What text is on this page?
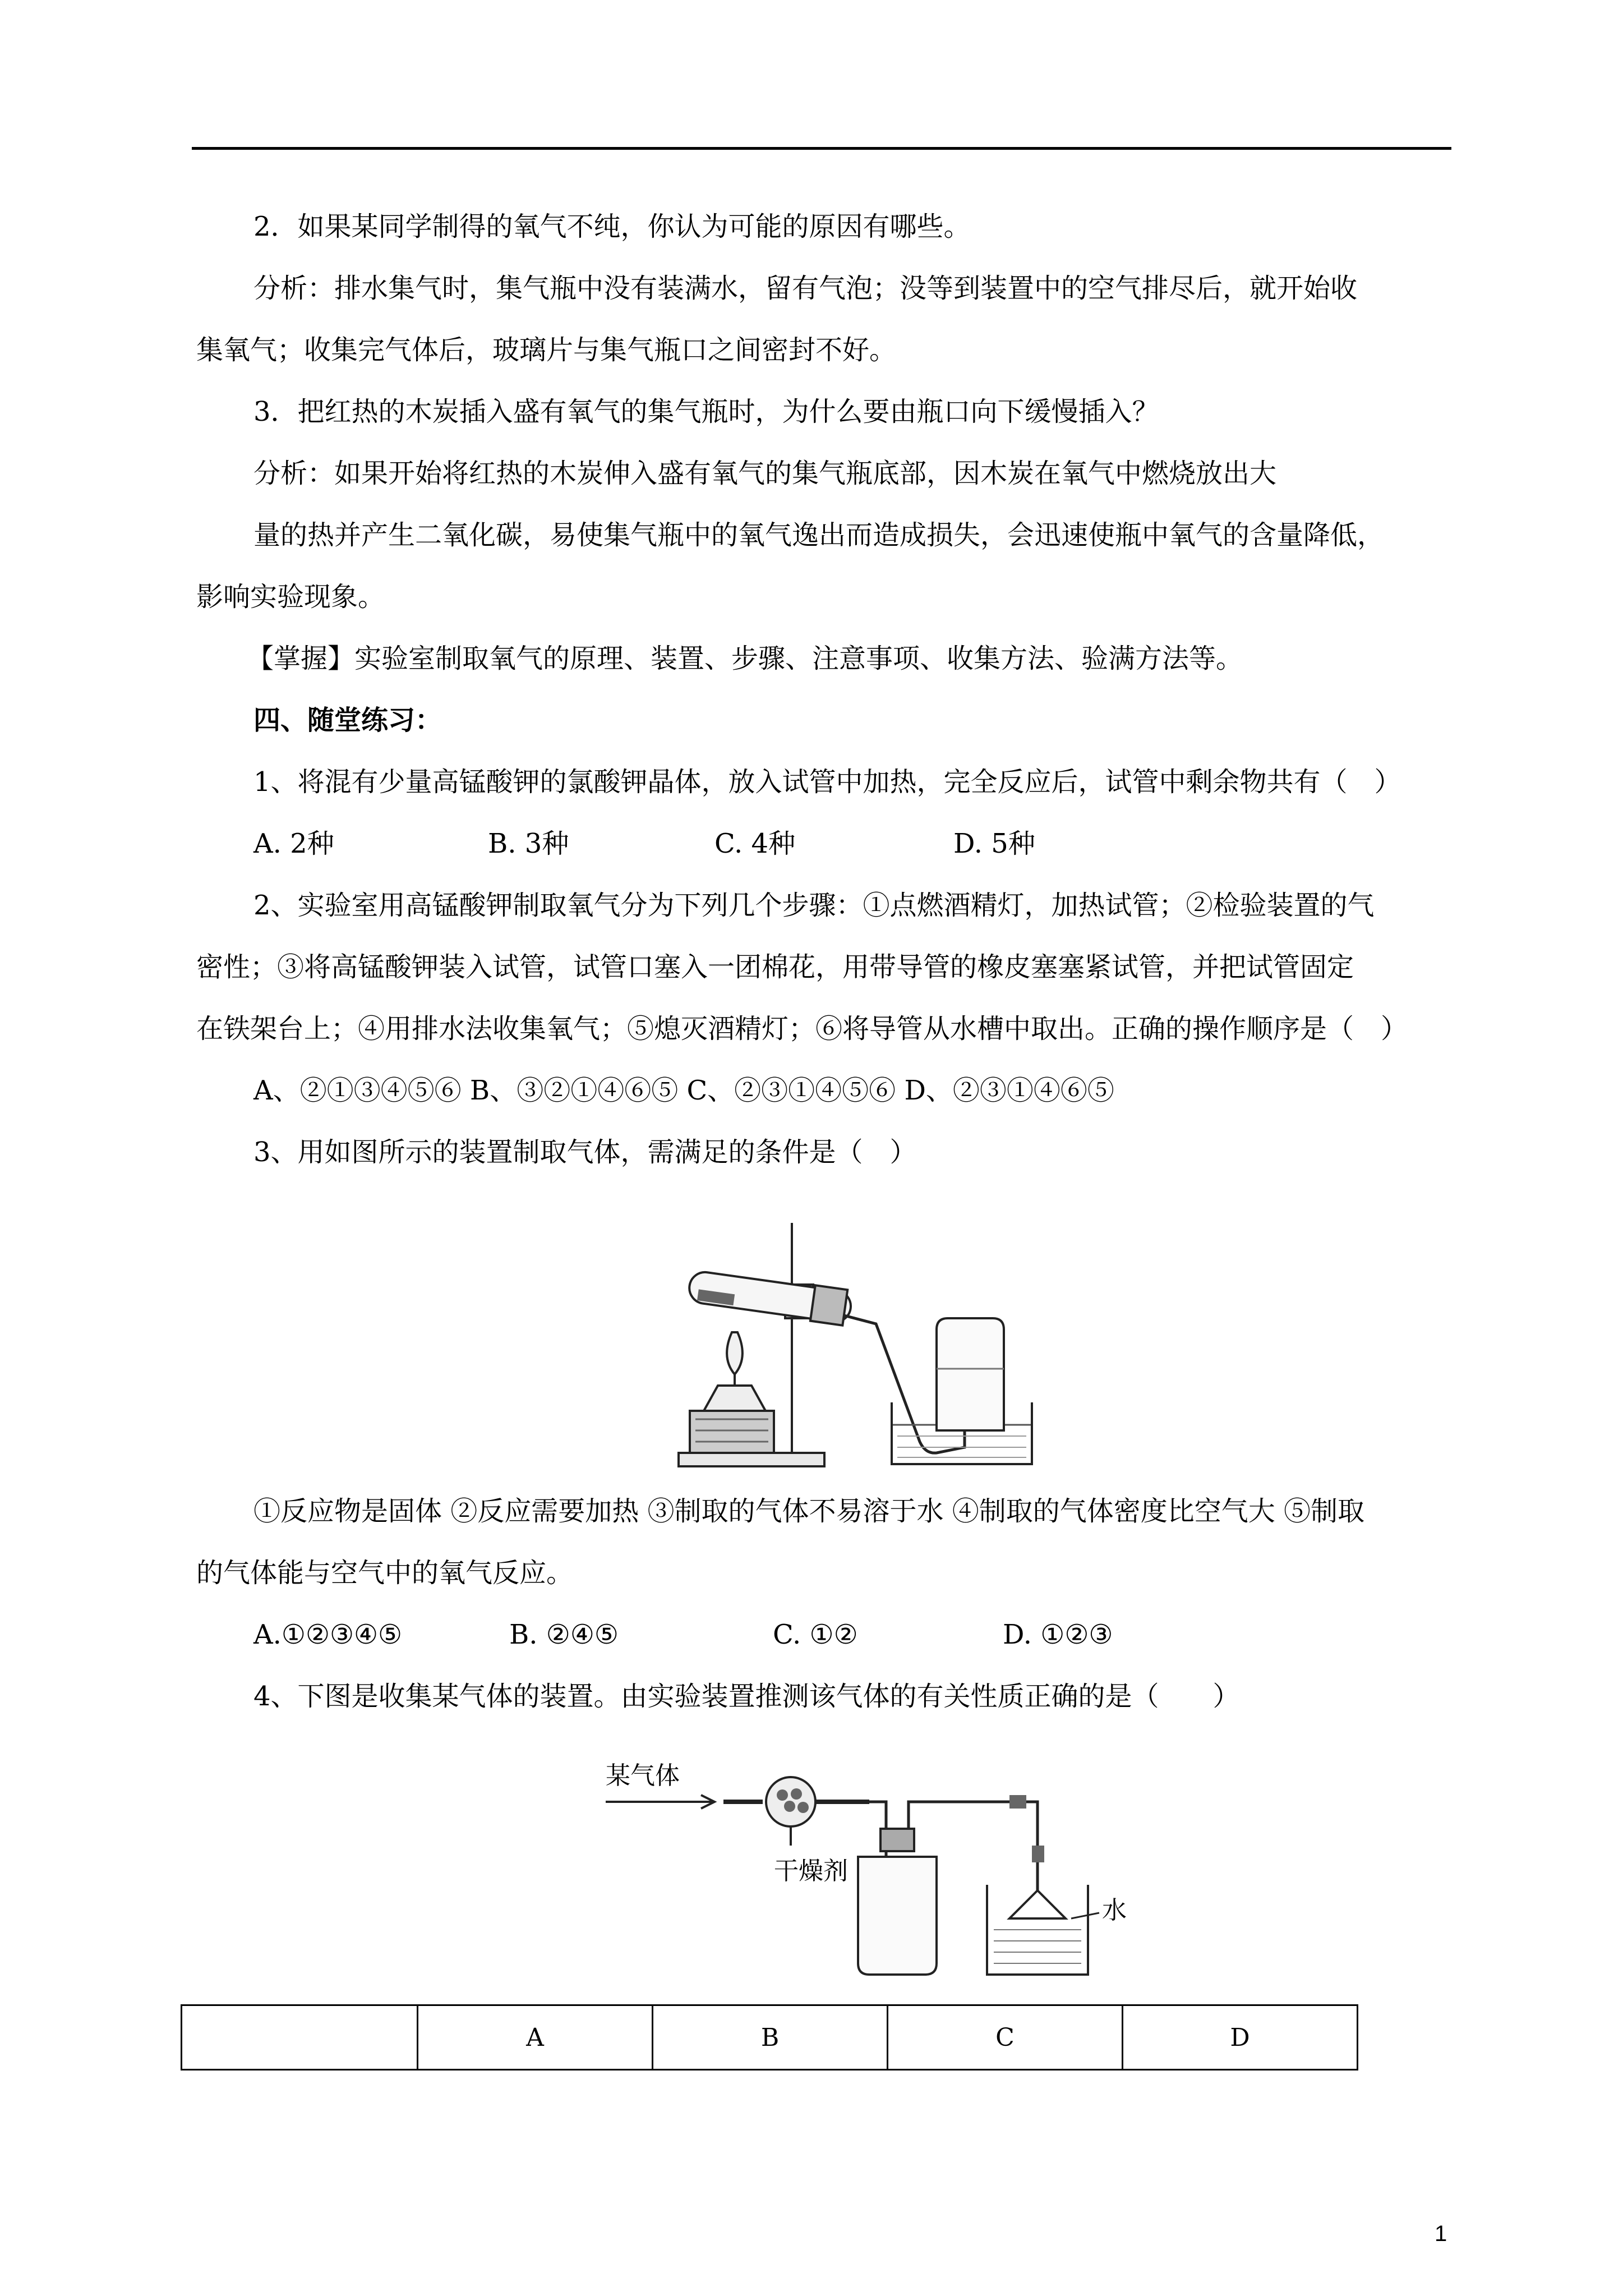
2．如果某同学制得的氧气不纯，你认为可能的原因有哪些。
分析：排水集气时，集气瓶中没有装满水，留有气泡；没等到装置中的空气排尽后，就开始收
集氧气；收集完气体后，玻璃片与集气瓶口之间密封不好。
3．把红热的木炭插入盛有氧气的集气瓶时，为什么要由瓶口向下缓慢插入？
分析：如果开始将红热的木炭伸入盛有氧气的集气瓶底部，因木炭在氧气中燃烧放出大
量的热并产生二氧化碳，易使集气瓶中的氧气逸出而造成损失，会迅速使瓶中氧气的含量降低，
影响实验现象。
【掌握】实验室制取氧气的原理、装置、步骤、注意事项、收集方法、验满方法等。
四、随堂练习：
1、将混有少量高锰酸钾的氯酸钾晶体，放入试管中加热，完全反应后，试管中剩余物共有（　）
A. 2种	B. 3种	C. 4种	D. 5种
2、实验室用高锰酸钾制取氧气分为下列几个步骤：①点燃酒精灯，加热试管；②检验装置的气
密性；③将高锰酸钾装入试管，试管口塞入一团棉花，用带导管的橡皮塞塞紧试管，并把试管固定
在铁架台上；④用排水法收集氧气；⑤熄灭酒精灯；⑥将导管从水槽中取出。正确的操作顺序是（　）
A、②①③④⑤⑥ B、③②①④⑥⑤ C、②③①④⑤⑥ D、②③①④⑥⑤
3、用如图所示的装置制取气体，需满足的条件是（　）
①反应物是固体 ②反应需要加热 ③制取的气体不易溶于水 ④制取的气体密度比空气大 ⑤制取
的气体能与空气中的氧气反应。
A.①②③④⑤	B. ②④⑤	C. ①②	D. ①②③
4、下图是收集某气体的装置。由实验装置推测该气体的有关性质正确的是（　　）
某气体
干燥剂
水
	A	B	C	D
1
